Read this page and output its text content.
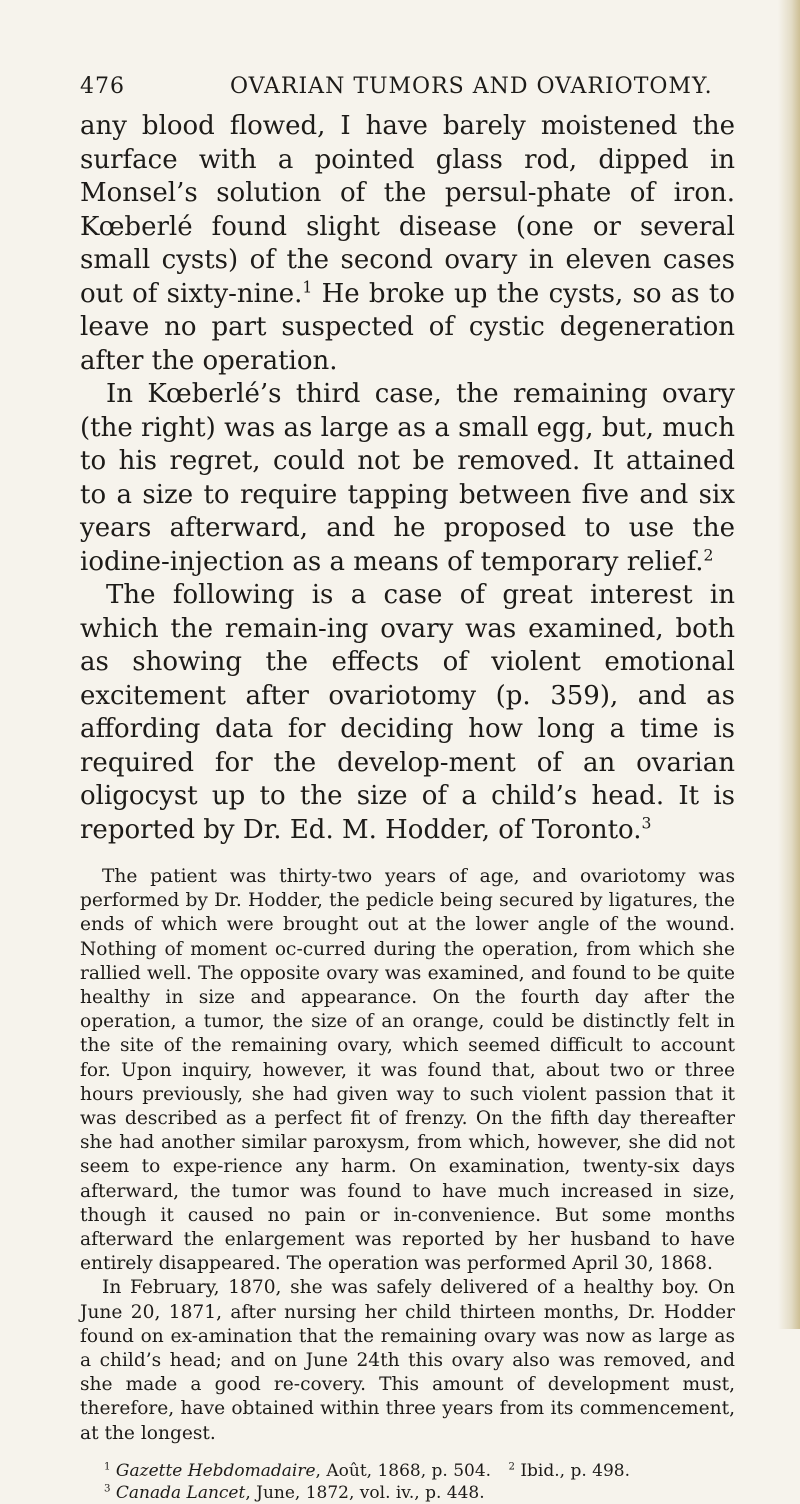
476	OVARIAN TUMORS AND OVARIOTOMY.

any blood flowed, I have barely moistened the surface with a pointed glass rod, dipped in Monsel’s solution of the persul-phate of iron. Kœberlé found slight disease (one or several small cysts) of the second ovary in eleven cases out of sixty-nine.$^1$ He broke up the cysts, so as to leave no part suspected of cystic degeneration after the operation.

In Kœberlé’s third case, the remaining ovary (the right) was as large as a small egg, but, much to his regret, could not be removed. It attained to a size to require tapping between five and six years afterward, and he proposed to use the iodine-injection as a means of temporary relief.$^2$

The following is a case of great interest in which the remain-ing ovary was examined, both as showing the effects of violent emotional excitement after ovariotomy (p. 359), and as affording data for deciding how long a time is required for the develop-ment of an ovarian oligocyst up to the size of a child’s head. It is reported by Dr. Ed. M. Hodder, of Toronto.$^3$

The patient was thirty-two years of age, and ovariotomy was performed by Dr. Hodder, the pedicle being secured by ligatures, the ends of which were brought out at the lower angle of the wound. Nothing of moment oc-curred during the operation, from which she rallied well. The opposite ovary was examined, and found to be quite healthy in size and appearance. On the fourth day after the operation, a tumor, the size of an orange, could be distinctly felt in the site of the remaining ovary, which seemed difficult to account for. Upon inquiry, however, it was found that, about two or three hours previously, she had given way to such violent passion that it was described as a perfect fit of frenzy. On the fifth day thereafter she had another similar paroxysm, from which, however, she did not seem to expe-rience any harm. On examination, twenty-six days afterward, the tumor was found to have much increased in size, though it caused no pain or in-convenience. But some months afterward the enlargement was reported by her husband to have entirely disappeared. The operation was performed April 30, 1868.

In February, 1870, she was safely delivered of a healthy boy. On June 20, 1871, after nursing her child thirteen months, Dr. Hodder found on ex-amination that the remaining ovary was now as large as a child’s head; and on June 24th this ovary also was removed, and she made a good re-covery. This amount of development must, therefore, have obtained within three years from its commencement, at the longest.

$^1$ Gazette Hebdomadaire, Août, 1868, p. 504. $^2$ Ibid., p. 498.
$^3$ Canada Lancet, June, 1872, vol. iv., p. 448.
